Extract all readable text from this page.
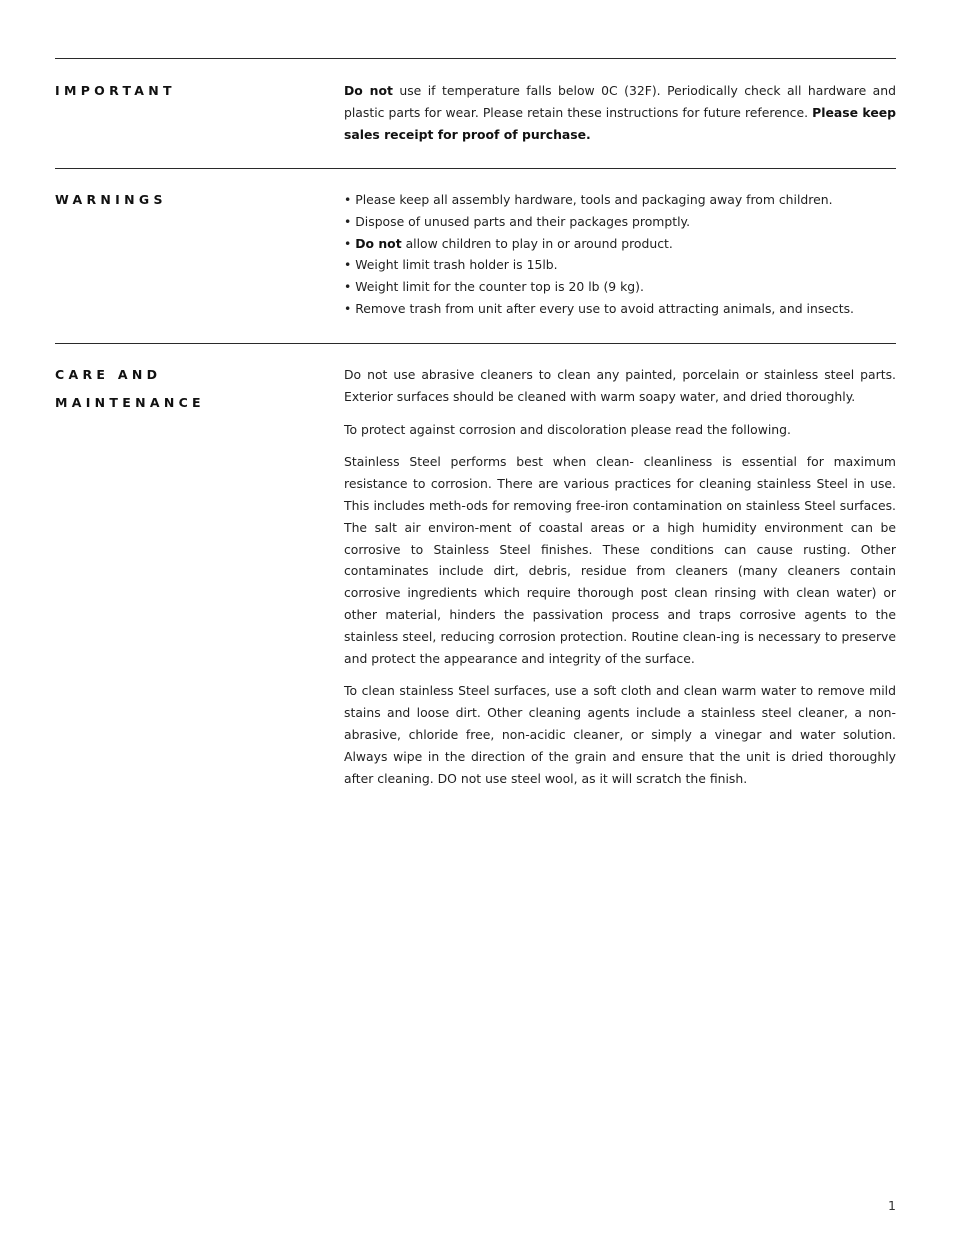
IMPORTANT	Do not use if temperature falls below 0C (32F). Periodically check all hardware and plastic parts for wear. Please retain these instructions for future reference. Please keep sales receipt for proof of purchase.

WARNINGS	• Please keep all assembly hardware, tools and packaging away from children.
• Dispose of unused parts and their packages promptly.
• Do not allow children to play in or around product.
• Weight limit trash holder is 15lb.
• Weight limit for the counter top is 20 lb (9 kg).
• Remove trash from unit after every use to avoid attracting animals, and insects.
CARE AND
MAINTENANCE

Do not use abrasive cleaners to clean any painted, porcelain or stainless steel parts. Exterior surfaces should be cleaned with warm soapy water, and dried thoroughly.

To protect against corrosion and discoloration please read the following.

Stainless Steel performs best when clean- cleanliness is essential for maximum resistance to corrosion. There are various practices for cleaning stainless Steel in use. This includes meth-ods for removing free-iron contamination on stainless Steel surfaces. The salt air environ-ment of coastal areas or a high humidity environment can be corrosive to Stainless Steel finishes. These conditions can cause rusting. Other contaminates include dirt, debris, residue from cleaners (many cleaners contain corrosive ingredients which require thorough post clean rinsing with clean water) or other material, hinders the passivation process and traps corrosive agents to the stainless steel, reducing corrosion protection. Routine clean-ing is necessary to preserve and protect the appearance and integrity of the surface.

To clean stainless Steel surfaces, use a soft cloth and clean warm water to remove mild stains and loose dirt. Other cleaning agents include a stainless steel cleaner, a non-abrasive, chloride free, non-acidic cleaner, or simply a vinegar and water solution. Always wipe in the direction of the grain and ensure that the unit is dried thoroughly after cleaning. DO not use steel wool, as it will scratch the finish.

1
